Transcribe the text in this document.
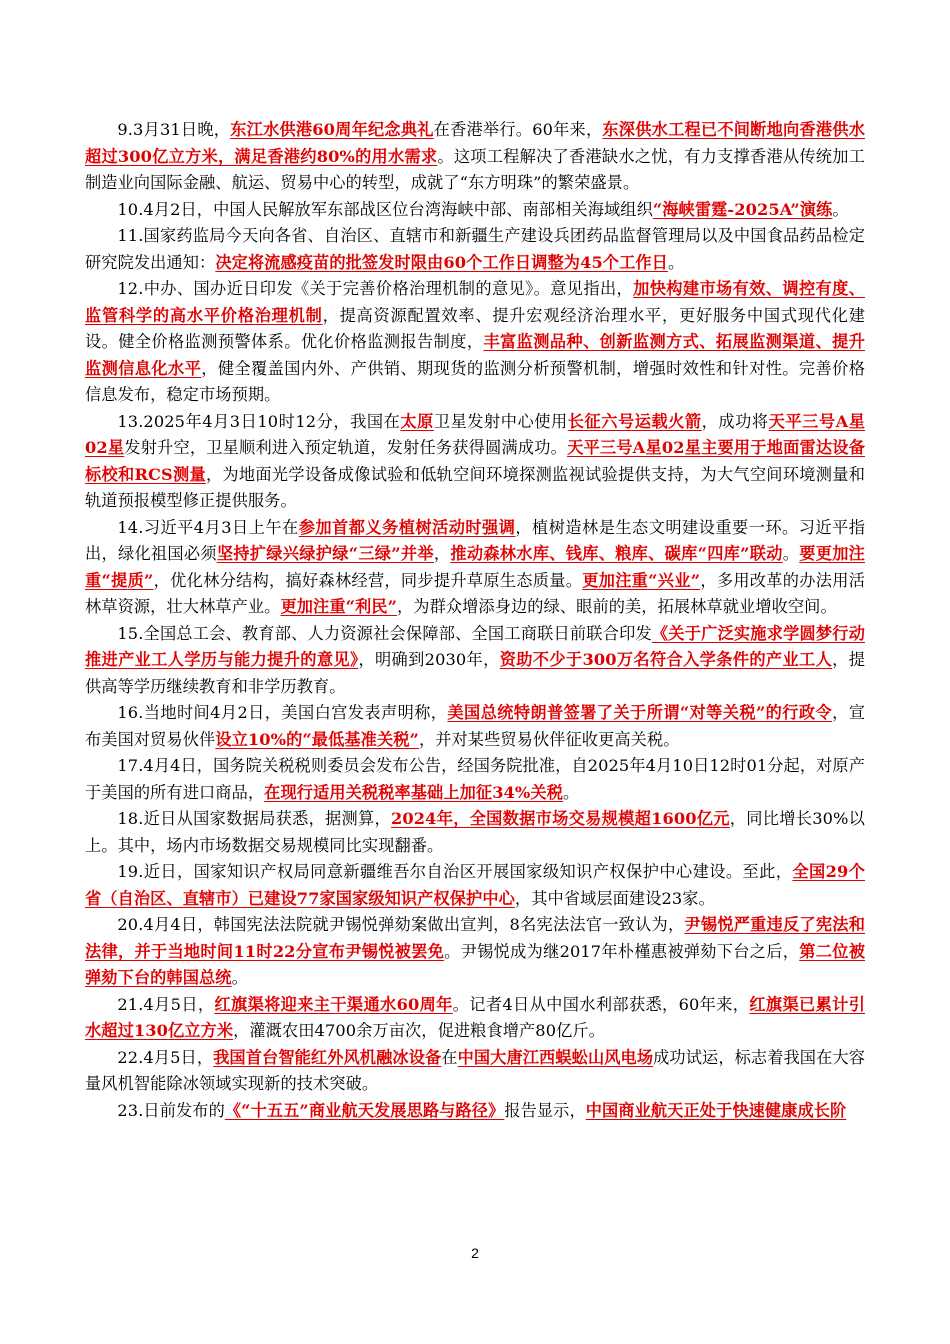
9.3月31日晚，东江水供港60周年纪念典礼在香港举行。60年来，东深供水工程已不间断地向香港供水超过300亿立方米，满足香港约80%的用水需求。这项工程解决了香港缺水之忧，有力支撑香港从传统加工制造业向国际金融、航运、贸易中心的转型，成就了“东方明珠”的繁荣盛景。

10.4月2日，中国人民解放军东部战区位台湾海峡中部、南部相关海域组织“海峡雷霆-2025A”演练。

11.国家药监局今天向各省、自治区、直辖市和新疆生产建设兵团药品监督管理局以及中国食品药品检定研究院发出通知：决定将流感疫苗的批签发时限由60个工作日调整为45个工作日。

12.中办、国办近日印发《关于完善价格治理机制的意见》。意见指出，加快构建市场有效、调控有度、监管科学的高水平价格治理机制，提高资源配置效率、提升宏观经济治理水平，更好服务中国式现代化建设。健全价格监测预警体系。优化价格监测报告制度，丰富监测品种、创新监测方式、拓展监测渠道、提升监测信息化水平，健全覆盖国内外、产供销、期现货的监测分析预警机制，增强时效性和针对性。完善价格信息发布，稳定市场预期。

13.2025年4月3日10时12分，我国在太原卫星发射中心使用长征六号运载火箭，成功将天平三号A星02星发射升空，卫星顺利进入预定轨道，发射任务获得圆满成功。天平三号A星02星主要用于地面雷达设备标校和RCS测量，为地面光学设备成像试验和低轨空间环境探测监视试验提供支持，为大气空间环境测量和轨道预报模型修正提供服务。

14.习近平4月3日上午在参加首都义务植树活动时强调，植树造林是生态文明建设重要一环。习近平指出，绿化祖国必须坚持扩绿兴绿护绿“三绿”并举，推动森林水库、钱库、粮库、碳库“四库”联动。要更加注重“提质”，优化林分结构，搞好森林经营，同步提升草原生态质量。更加注重“兴业”，多用改革的办法用活林草资源，壮大林草产业。更加注重“利民”，为群众增添身边的绿、眼前的美，拓展林草就业增收空间。

15.全国总工会、教育部、人力资源社会保障部、全国工商联日前联合印发《关于广泛实施求学圆梦行动 推进产业工人学历与能力提升的意见》，明确到2030年，资助不少于300万名符合入学条件的产业工人，提供高等学历继续教育和非学历教育。

16.当地时间4月2日，美国白宫发表声明称，美国总统特朗普签署了关于所谓“对等关税”的行政令，宣布美国对贸易伙伴设立10%的“最低基准关税”，并对某些贸易伙伴征收更高关税。

17.4月4日，国务院关税税则委员会发布公告，经国务院批准，自2025年4月10日12时01分起，对原产于美国的所有进口商品，在现行适用关税税率基础上加征34%关税。

18.近日从国家数据局获悉，据测算，2024年，全国数据市场交易规模超1600亿元，同比增长30%以上。其中，场内市场数据交易规模同比实现翻番。

19.近日，国家知识产权局同意新疆维吾尔自治区开展国家级知识产权保护中心建设。至此，全国29个省（自治区、直辖市）已建设77家国家级知识产权保护中心，其中省域层面建设23家。

20.4月4日，韩国宪法法院就尹锡悦弹劾案做出宣判，8名宪法法官一致认为，尹锡悦严重违反了宪法和法律，并于当地时间11时22分宣布尹锡悦被罢免。尹锡悦成为继2017年朴槿惠被弹劾下台之后，第二位被弹劾下台的韩国总统。

21.4月5日，红旗渠将迎来主干渠通水60周年。记者4日从中国水利部获悉，60年来，红旗渠已累计引水超过130亿立方米，灌溉农田4700余万亩次，促进粮食增产80亿斤。

22.4月5日，我国首台智能红外风机融冰设备在中国大唐江西蜈蚣山风电场成功试运，标志着我国在大容量风机智能除冰领域实现新的技术突破。

23.日前发布的《“十五五”商业航天发展思路与路径》报告显示，中国商业航天正处于快速健康成长阶

2
